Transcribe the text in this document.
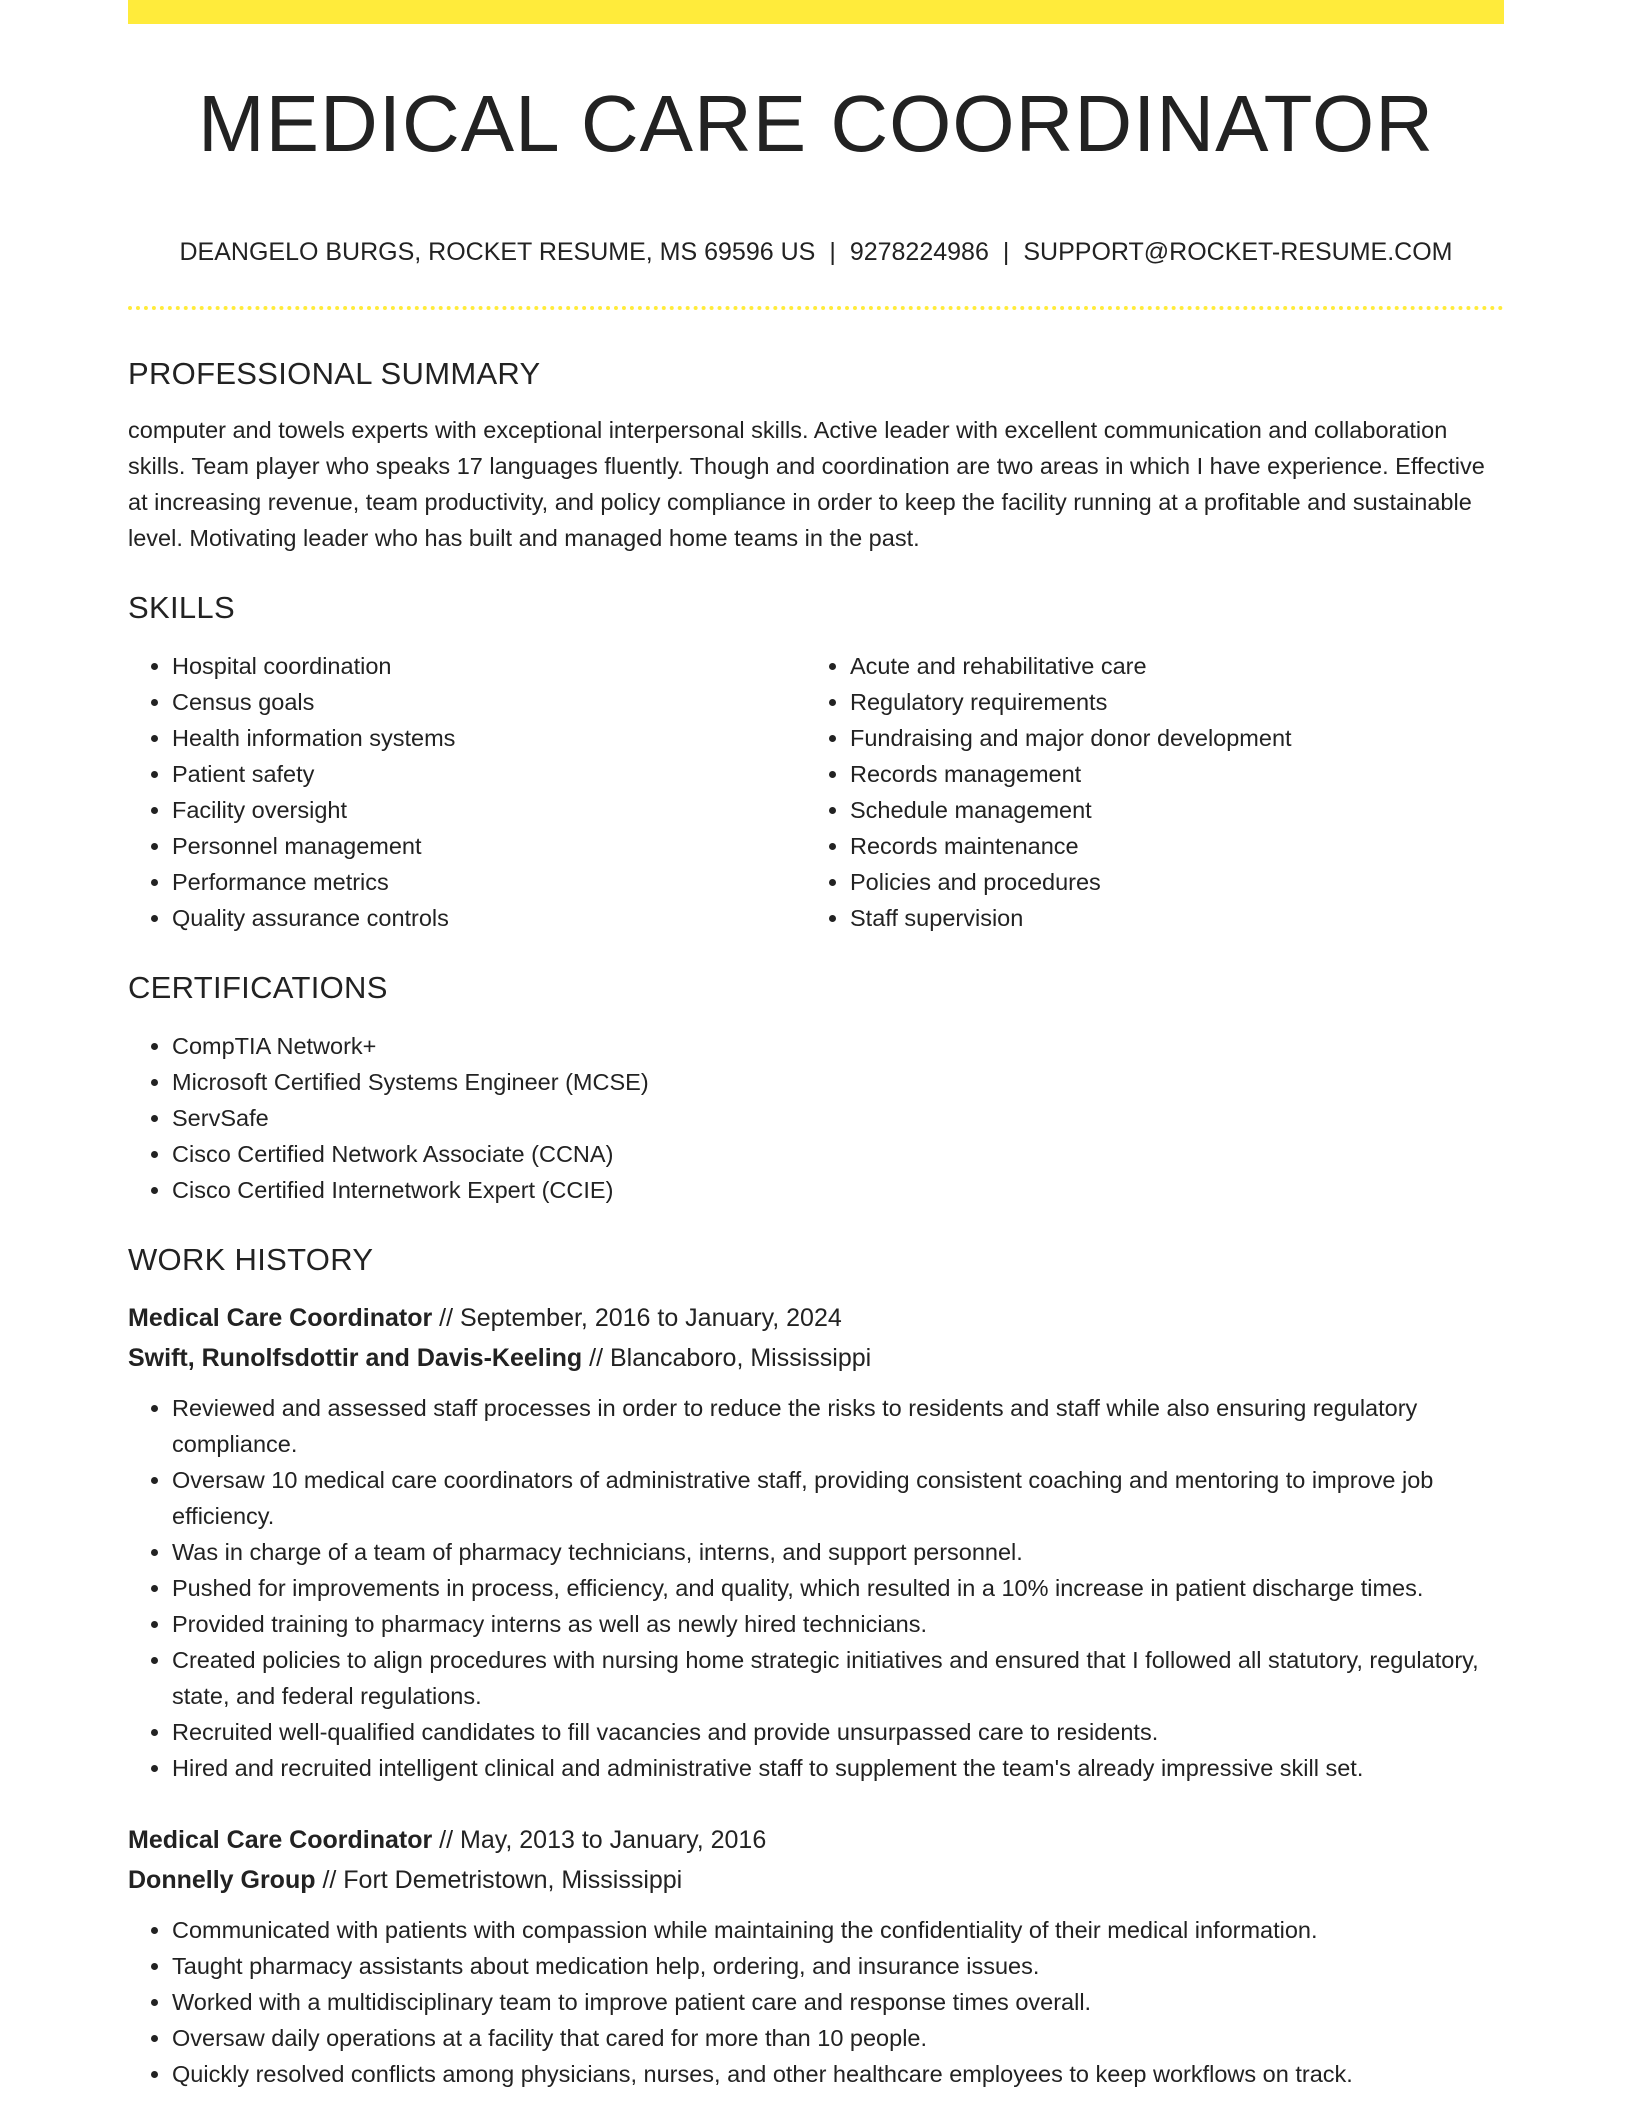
MEDICAL CARE COORDINATOR
DEANGELO BURGS, ROCKET RESUME, MS 69596 US | 9278224986 | SUPPORT@ROCKET-RESUME.COM
PROFESSIONAL SUMMARY

computer and towels experts with exceptional interpersonal skills. Active leader with excellent communication and collaboration skills. Team player who speaks 17 languages fluently. Though and coordination are two areas in which I have experience. Effective at increasing revenue, team productivity, and policy compliance in order to keep the facility running at a profitable and sustainable level. Motivating leader who has built and managed home teams in the past.

SKILLS
• Hospital coordination
• Census goals
• Health information systems
• Patient safety
• Facility oversight
• Personnel management
• Performance metrics
• Quality assurance controls
• Acute and rehabilitative care
• Regulatory requirements
• Fundraising and major donor development
• Records management
• Schedule management
• Records maintenance
• Policies and procedures
• Staff supervision
CERTIFICATIONS
• CompTIA Network+
• Microsoft Certified Systems Engineer (MCSE)
• ServSafe
• Cisco Certified Network Associate (CCNA)
• Cisco Certified Internetwork Expert (CCIE)
WORK HISTORY
Medical Care Coordinator // September, 2016 to January, 2024
Swift, Runolfsdottir and Davis-Keeling // Blancaboro, Mississippi
• Reviewed and assessed staff processes in order to reduce the risks to residents and staff while also ensuring regulatory compliance.
• Oversaw 10 medical care coordinators of administrative staff, providing consistent coaching and mentoring to improve job efficiency.
• Was in charge of a team of pharmacy technicians, interns, and support personnel.
• Pushed for improvements in process, efficiency, and quality, which resulted in a 10% increase in patient discharge times.
• Provided training to pharmacy interns as well as newly hired technicians.
• Created policies to align procedures with nursing home strategic initiatives and ensured that I followed all statutory, regulatory, state, and federal regulations.
• Recruited well-qualified candidates to fill vacancies and provide unsurpassed care to residents.
• Hired and recruited intelligent clinical and administrative staff to supplement the team's already impressive skill set.
Medical Care Coordinator // May, 2013 to January, 2016
Donnelly Group // Fort Demetristown, Mississippi
• Communicated with patients with compassion while maintaining the confidentiality of their medical information.
• Taught pharmacy assistants about medication help, ordering, and insurance issues.
• Worked with a multidisciplinary team to improve patient care and response times overall.
• Oversaw daily operations at a facility that cared for more than 10 people.
• Quickly resolved conflicts among physicians, nurses, and other healthcare employees to keep workflows on track.
